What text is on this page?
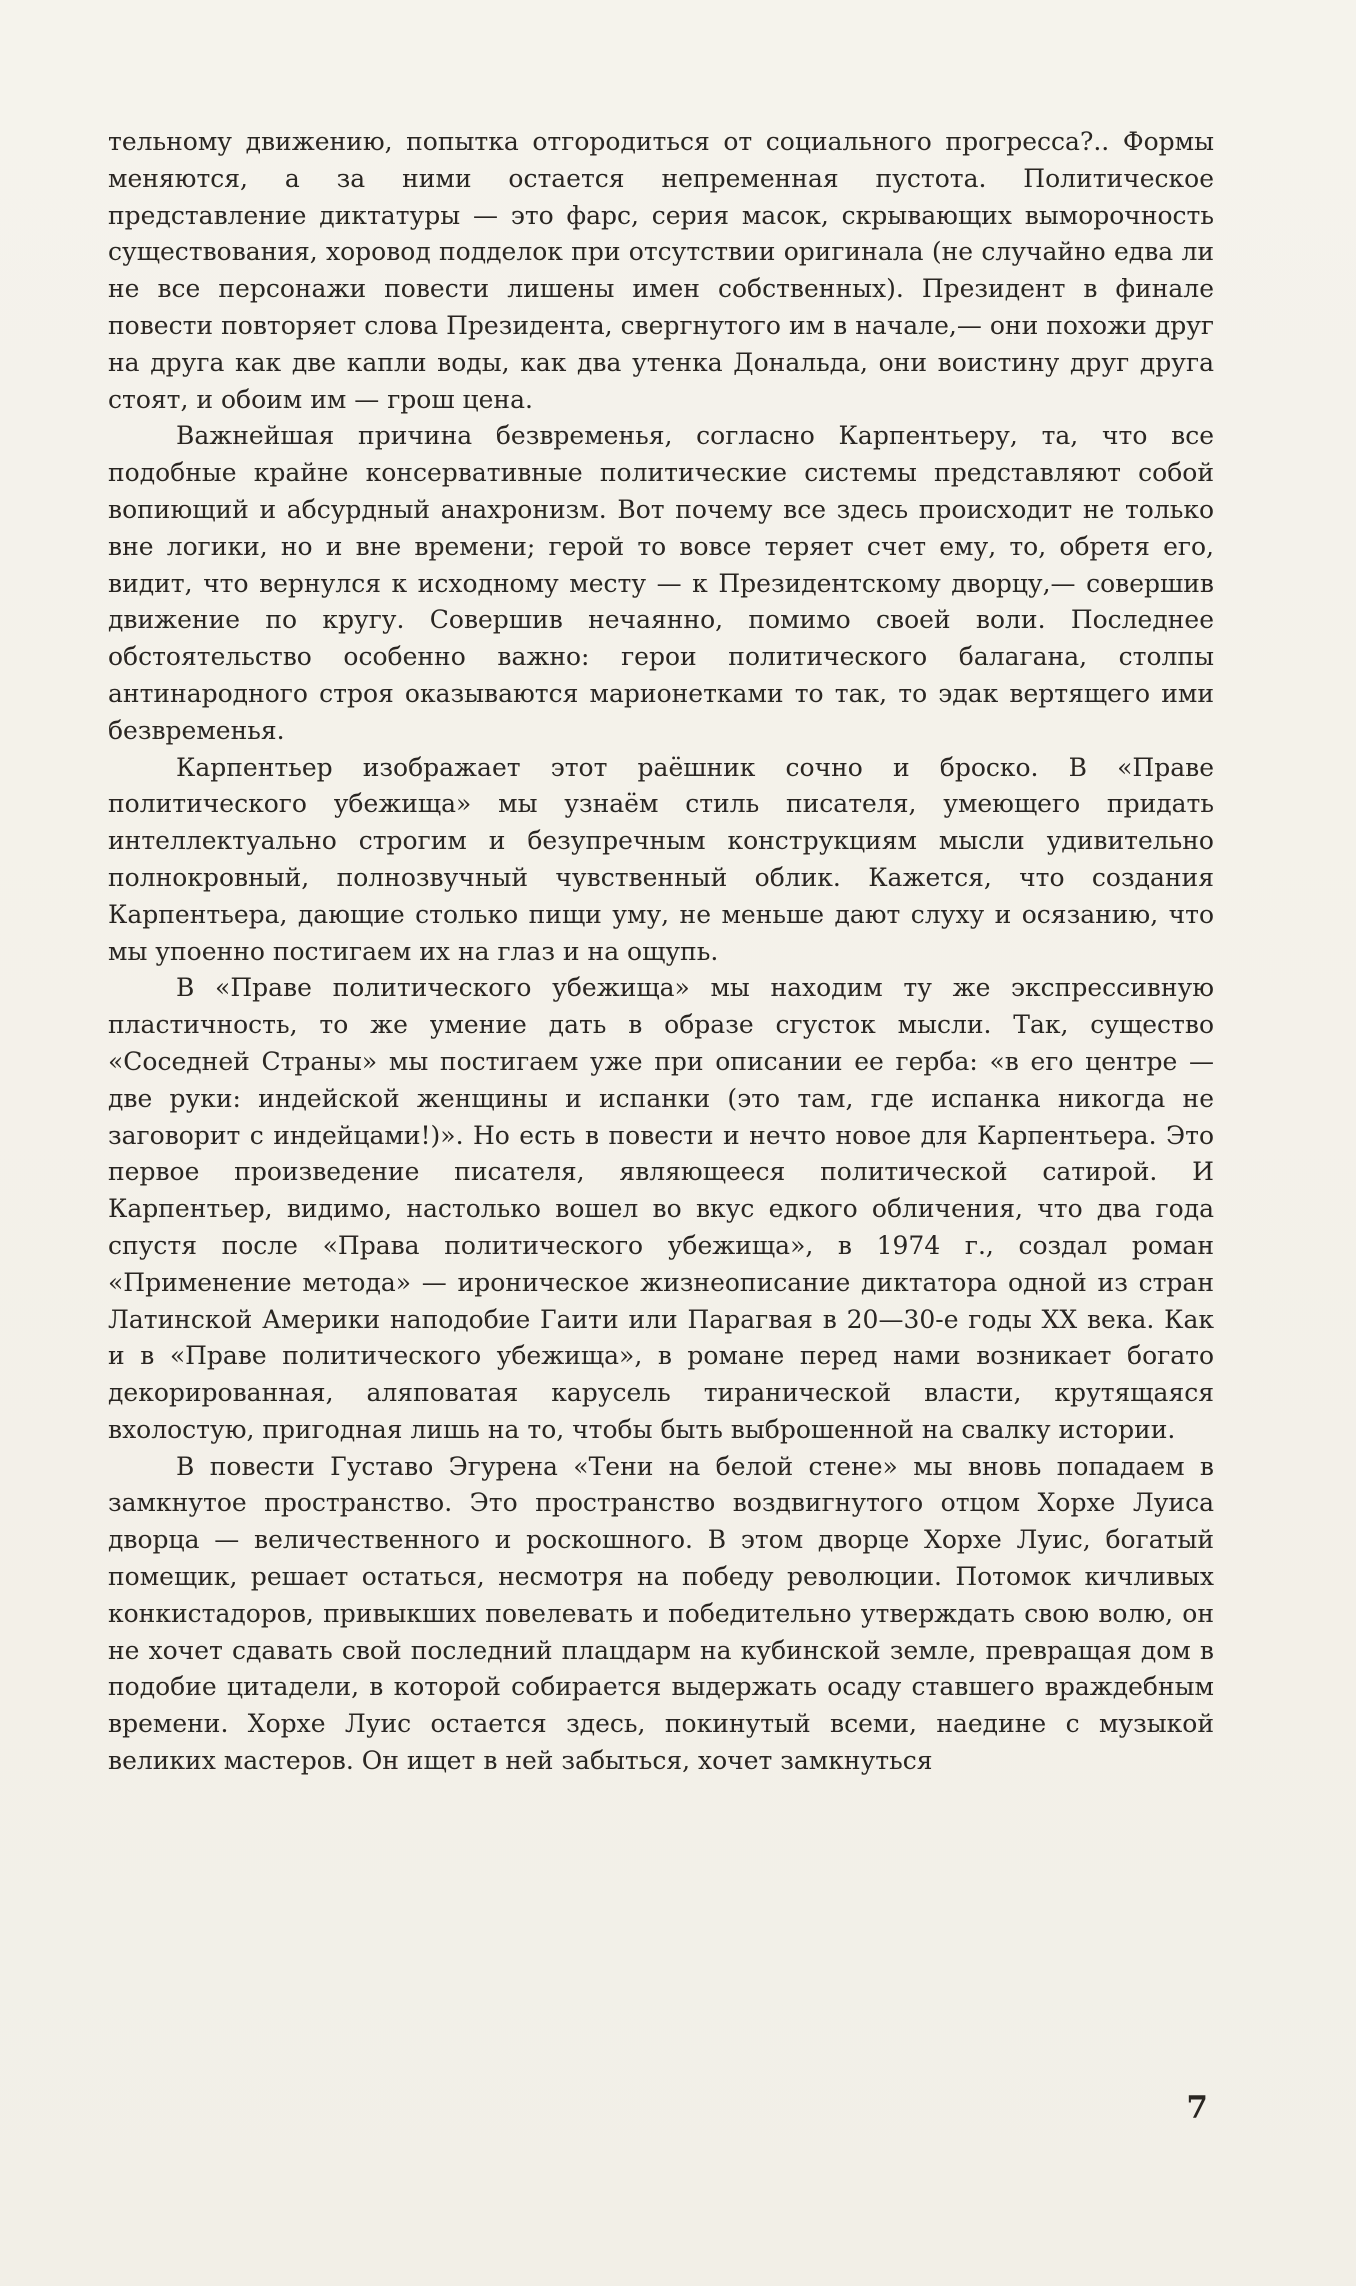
тельному движению, попытка отгородиться от социального прогресса?.. Формы меняются, а за ними остается непременная пустота. Политическое представление диктатуры — это фарс, серия масок, скрывающих выморочность существования, хоровод подделок при отсутствии оригинала (не случайно едва ли не все персонажи повести лишены имен собственных). Президент в финале повести повторяет слова Президента, свергнутого им в начале,— они похожи друг на друга как две капли воды, как два утенка Дональда, они воистину друг друга стоят, и обоим им — грош цена.

Важнейшая причина безвременья, согласно Карпентьеру, та, что все подобные крайне консервативные политические системы представляют собой вопиющий и абсурдный анахронизм. Вот почему все здесь происходит не только вне логики, но и вне времени; герой то вовсе теряет счет ему, то, обретя его, видит, что вернулся к исходному месту — к Президентскому дворцу,— совершив движение по кругу. Совершив нечаянно, помимо своей воли. Последнее обстоятельство особенно важно: герои политического балагана, столпы антинародного строя оказываются марионетками то так, то эдак вертящего ими безвременья.

Карпентьер изображает этот раёшник сочно и броско. В «Праве политического убежища» мы узнаём стиль писателя, умеющего придать интеллектуально строгим и безупречным конструкциям мысли удивительно полнокровный, полнозвучный чувственный облик. Кажется, что создания Карпентьера, дающие столько пищи уму, не меньше дают слуху и осязанию, что мы упоенно постигаем их на глаз и на ощупь.

В «Праве политического убежища» мы находим ту же экспрессивную пластичность, то же умение дать в образе сгусток мысли. Так, существо «Соседней Страны» мы постигаем уже при описании ее герба: «в его центре — две руки: индейской женщины и испанки (это там, где испанка никогда не заговорит с индейцами!)». Но есть в повести и нечто новое для Карпентьера. Это первое произведение писателя, являющееся политической сатирой. И Карпентьер, видимо, настолько вошел во вкус едкого обличения, что два года спустя после «Права политического убежища», в 1974 г., создал роман «Применение метода» — ироническое жизнеописание диктатора одной из стран Латинской Америки наподобие Гаити или Парагвая в 20—30-е годы XX века. Как и в «Праве политического убежища», в романе перед нами возникает богато декорированная, аляповатая карусель тиранической власти, крутящаяся вхолостую, пригодная лишь на то, чтобы быть выброшенной на свалку истории.

В повести Густаво Эгурена «Тени на белой стене» мы вновь попадаем в замкнутое пространство. Это пространство воздвигнутого отцом Хорхе Луиса дворца — величественного и роскошного. В этом дворце Хорхе Луис, богатый помещик, решает остаться, несмотря на победу революции. Потомок кичливых конкистадоров, привыкших повелевать и победительно утверждать свою волю, он не хочет сдавать свой последний плацдарм на кубинской земле, превращая дом в подобие цитадели, в которой собирается выдержать осаду ставшего враждебным времени. Хорхе Луис остается здесь, покинутый всеми, наедине с музыкой великих мастеров. Он ищет в ней забыться, хочет замкнуться

7
